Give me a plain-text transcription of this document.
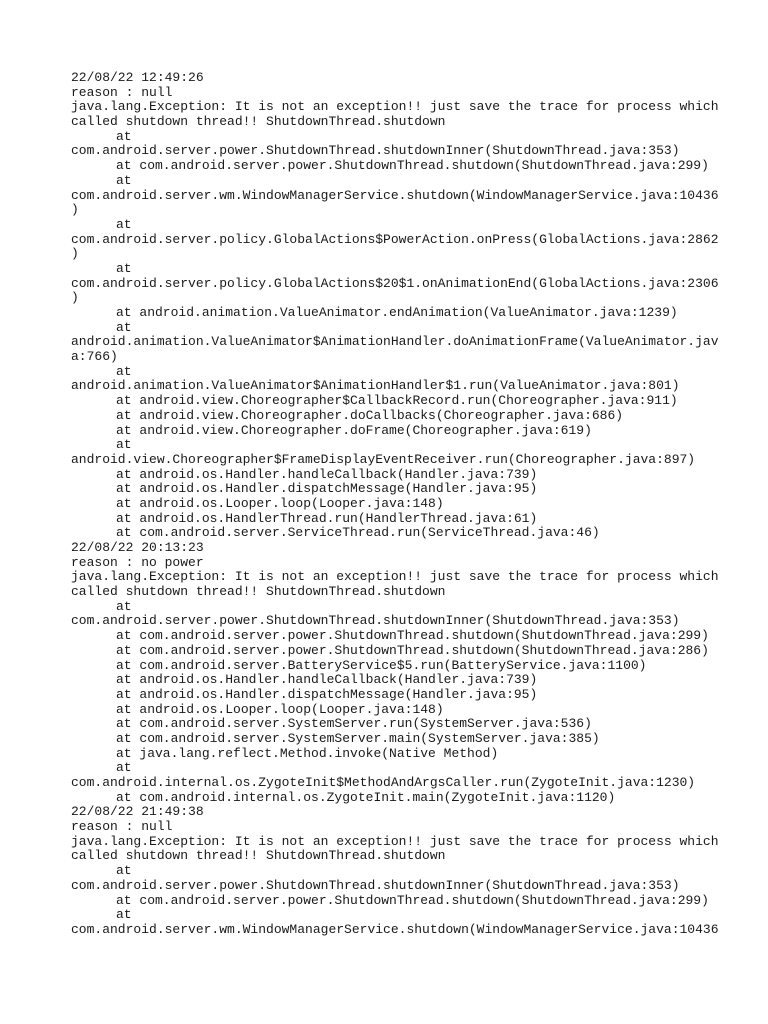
22/08/22 12:49:26
reason : null
java.lang.Exception: It is not an exception!! just save the trace for process which
called shutdown thread!! ShutdownThread.shutdown
at
com.android.server.power.ShutdownThread.shutdownInner(ShutdownThread.java:353)
at com.android.server.power.ShutdownThread.shutdown(ShutdownThread.java:299)
at
com.android.server.wm.WindowManagerService.shutdown(WindowManagerService.java:10436
)
at
com.android.server.policy.GlobalActions$PowerAction.onPress(GlobalActions.java:2862
)
at
com.android.server.policy.GlobalActions$20$1.onAnimationEnd(GlobalActions.java:2306
)
at android.animation.ValueAnimator.endAnimation(ValueAnimator.java:1239)
at
android.animation.ValueAnimator$AnimationHandler.doAnimationFrame(ValueAnimator.jav
a:766)
at
android.animation.ValueAnimator$AnimationHandler$1.run(ValueAnimator.java:801)
at android.view.Choreographer$CallbackRecord.run(Choreographer.java:911)
at android.view.Choreographer.doCallbacks(Choreographer.java:686)
at android.view.Choreographer.doFrame(Choreographer.java:619)
at
android.view.Choreographer$FrameDisplayEventReceiver.run(Choreographer.java:897)
at android.os.Handler.handleCallback(Handler.java:739)
at android.os.Handler.dispatchMessage(Handler.java:95)
at android.os.Looper.loop(Looper.java:148)
at android.os.HandlerThread.run(HandlerThread.java:61)
at com.android.server.ServiceThread.run(ServiceThread.java:46)
22/08/22 20:13:23
reason : no power
java.lang.Exception: It is not an exception!! just save the trace for process which
called shutdown thread!! ShutdownThread.shutdown
at
com.android.server.power.ShutdownThread.shutdownInner(ShutdownThread.java:353)
at com.android.server.power.ShutdownThread.shutdown(ShutdownThread.java:299)
at com.android.server.power.ShutdownThread.shutdown(ShutdownThread.java:286)
at com.android.server.BatteryService$5.run(BatteryService.java:1100)
at android.os.Handler.handleCallback(Handler.java:739)
at android.os.Handler.dispatchMessage(Handler.java:95)
at android.os.Looper.loop(Looper.java:148)
at com.android.server.SystemServer.run(SystemServer.java:536)
at com.android.server.SystemServer.main(SystemServer.java:385)
at java.lang.reflect.Method.invoke(Native Method)
at
com.android.internal.os.ZygoteInit$MethodAndArgsCaller.run(ZygoteInit.java:1230)
at com.android.internal.os.ZygoteInit.main(ZygoteInit.java:1120)
22/08/22 21:49:38
reason : null
java.lang.Exception: It is not an exception!! just save the trace for process which
called shutdown thread!! ShutdownThread.shutdown
at
com.android.server.power.ShutdownThread.shutdownInner(ShutdownThread.java:353)
at com.android.server.power.ShutdownThread.shutdown(ShutdownThread.java:299)
at
com.android.server.wm.WindowManagerService.shutdown(WindowManagerService.java:10436
